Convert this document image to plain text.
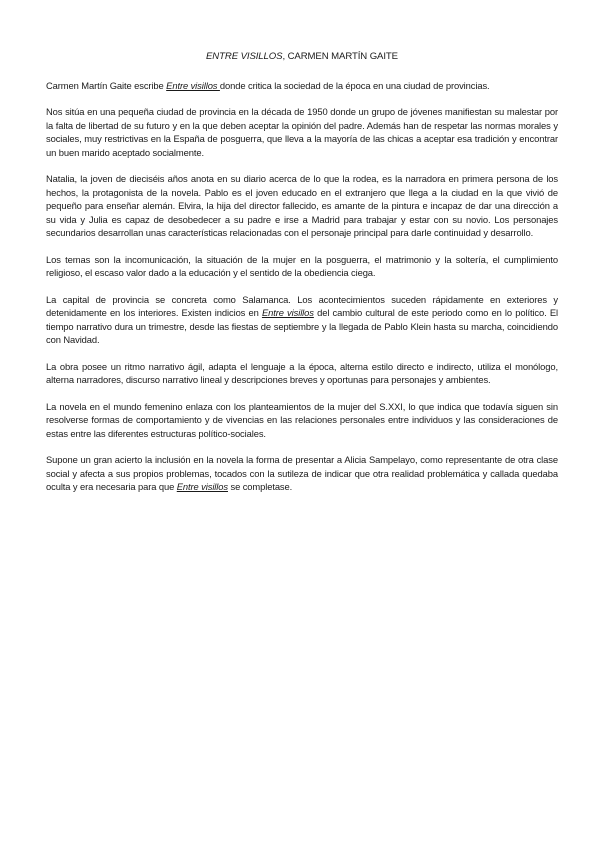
ENTRE VISILLOS, CARMEN MARTÍN GAITE

Carmen Martín Gaite escribe Entre visillos donde critica la sociedad de la época en una ciudad de provincias.

Nos sitúa en una pequeña ciudad de provincia en la década de 1950 donde un grupo de jóvenes manifiestan su malestar por la falta de libertad de su futuro y en la que deben aceptar la opinión del padre. Además han de respetar las normas morales y sociales, muy restrictivas en la España de posguerra, que lleva a la mayoría de las chicas a aceptar esa tradición y encontrar un buen marido aceptado socialmente.

Natalia, la joven de dieciséis años anota en su diario acerca de lo que la rodea, es la narradora en primera persona de los hechos, la protagonista de la novela. Pablo es el joven educado en el extranjero que llega a la ciudad en la que vivió de pequeño para enseñar alemán. Elvira, la hija del director fallecido, es amante de la pintura e incapaz de dar una dirección a su vida y Julia es capaz de desobedecer a su padre e irse a Madrid para trabajar y estar con su novio. Los personajes secundarios desarrollan unas características relacionadas con el personaje principal para darle continuidad y desarrollo.

Los temas son la incomunicación, la situación de la mujer en la posguerra, el matrimonio y la soltería, el cumplimiento religioso, el escaso valor dado a la educación y el sentido de la obediencia ciega.

La capital de provincia se concreta como Salamanca. Los acontecimientos suceden rápidamente en exteriores y detenidamente en los interiores. Existen indicios en Entre visillos del cambio cultural de este periodo como en lo político. El tiempo narrativo dura un trimestre, desde las fiestas de septiembre y la llegada de Pablo Klein hasta su marcha, coincidiendo con Navidad.

La obra posee un ritmo narrativo ágil, adapta el lenguaje a la época, alterna estilo directo e indirecto, utiliza el monólogo, alterna narradores, discurso narrativo lineal y descripciones breves y oportunas para personajes y ambientes.

La novela en el mundo femenino enlaza con los planteamientos de la mujer del S.XXI, lo que indica que todavía siguen sin resolverse formas de comportamiento y de vivencias en las relaciones personales entre individuos y las consideraciones de estas entre las diferentes estructuras político-sociales.

Supone un gran acierto la inclusión en la novela la forma de presentar a Alicia Sampelayo, como representante de otra clase social y afecta a sus propios problemas, tocados con la sutileza de indicar que otra realidad problemática y callada quedaba oculta y era necesaria para que Entre visillos se completase.
